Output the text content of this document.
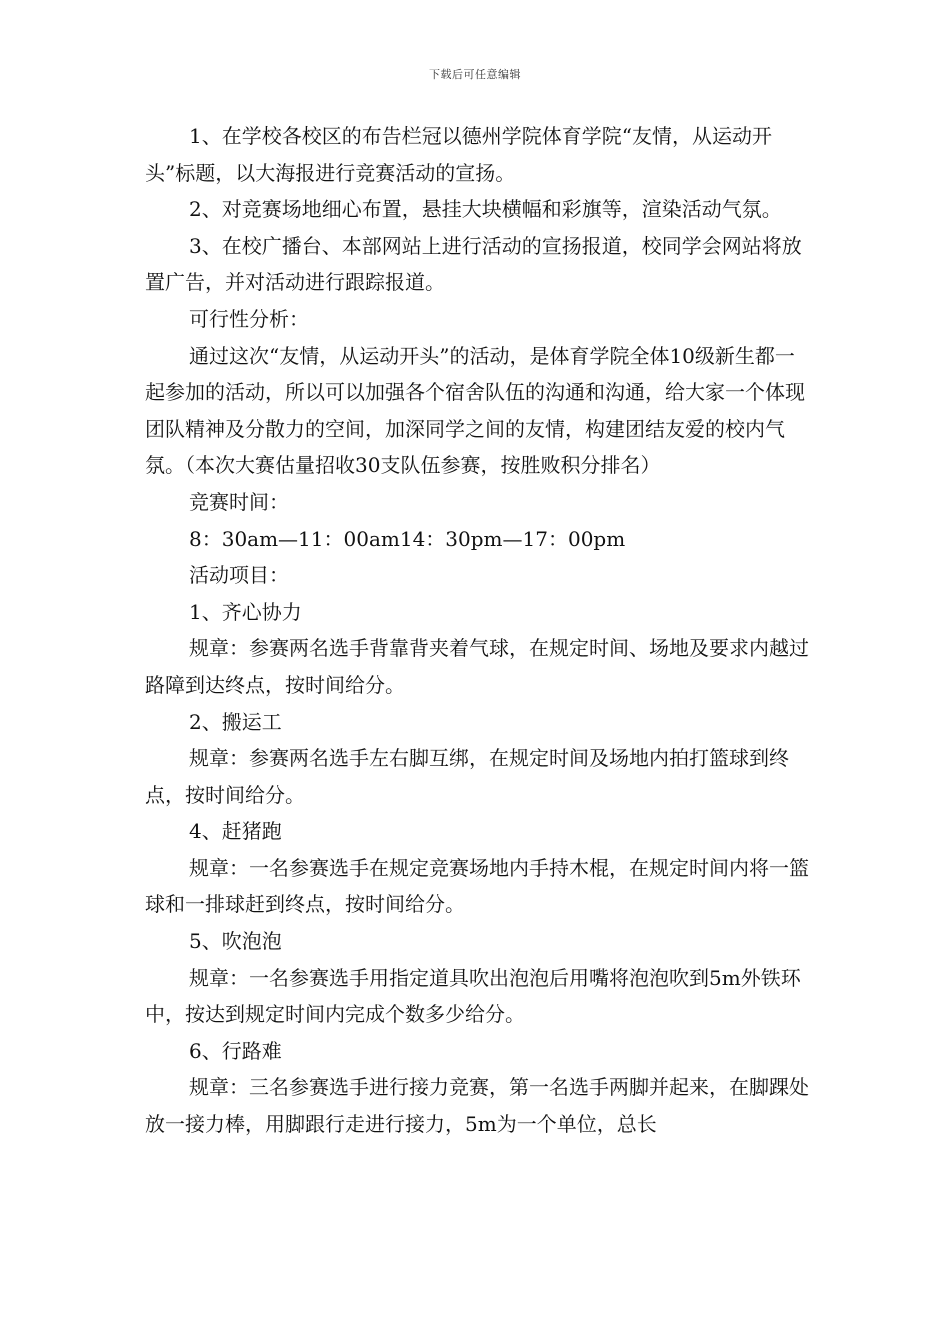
下载后可任意编辑

1、在学校各校区的布告栏冠以德州学院体育学院“友情，从运动开头”标题，以大海报进行竞赛活动的宣扬。

2、对竞赛场地细心布置，悬挂大块横幅和彩旗等，渲染活动气氛。

3、在校广播台、本部网站上进行活动的宣扬报道，校同学会网站将放置广告，并对活动进行跟踪报道。

可行性分析：

通过这次“友情，从运动开头”的活动，是体育学院全体10级新生都一起参加的活动，所以可以加强各个宿舍队伍的沟通和沟通，给大家一个体现团队精神及分散力的空间，加深同学之间的友情，构建团结友爱的校内气氛。（本次大赛估量招收30支队伍参赛，按胜败积分排名）

竞赛时间：

8：30am—11：00am14：30pm—17：00pm

活动项目：

1、齐心协力

规章：参赛两名选手背靠背夹着气球，在规定时间、场地及要求内越过路障到达终点，按时间给分。

2、搬运工

规章：参赛两名选手左右脚互绑，在规定时间及场地内拍打篮球到终点，按时间给分。

4、赶猪跑

规章：一名参赛选手在规定竞赛场地内手持木棍，在规定时间内将一篮球和一排球赶到终点，按时间给分。

5、吹泡泡

规章：一名参赛选手用指定道具吹出泡泡后用嘴将泡泡吹到5m外铁环中，按达到规定时间内完成个数多少给分。

6、行路难

规章：三名参赛选手进行接力竞赛，第一名选手两脚并起来，在脚踝处放一接力棒，用脚跟行走进行接力，5m为一个单位，总长
